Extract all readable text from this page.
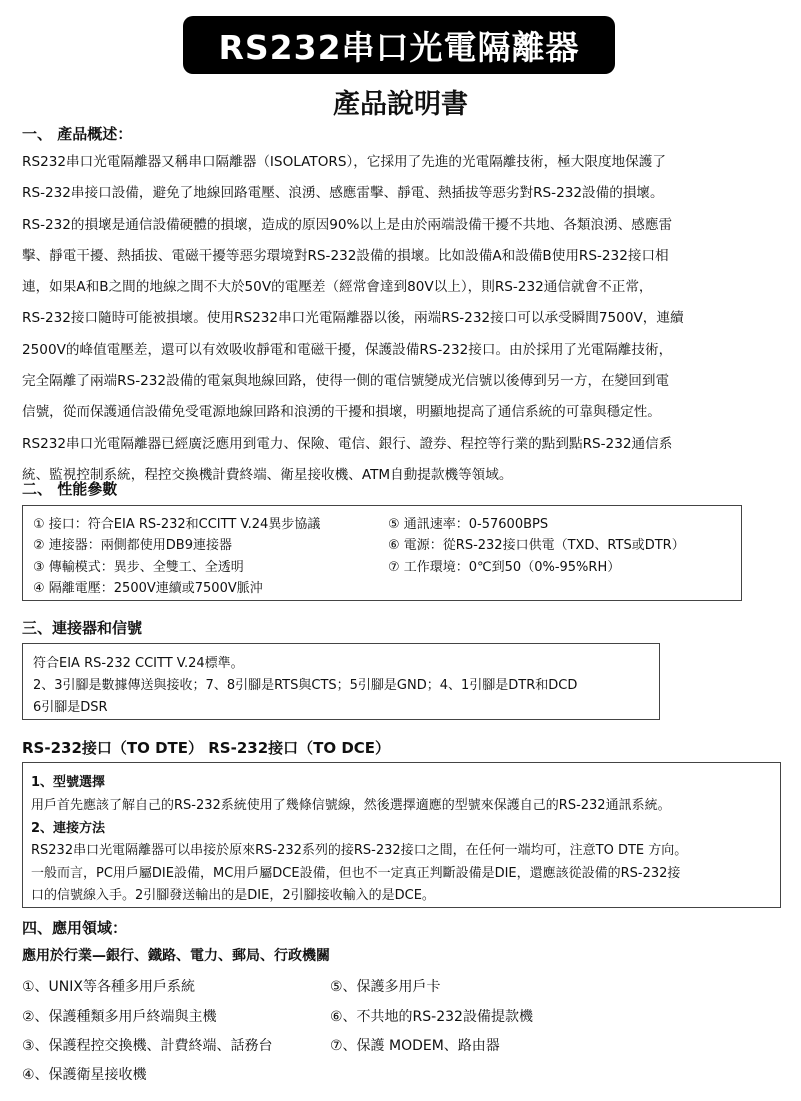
RS232串口光電隔離器
產品說明書
一、 產品概述：

RS232串口光電隔離器又稱串口隔離器（ISOLATORS），它採用了先進的光電隔離技術，極大限度地保護了

RS-232串接口設備，避免了地線回路電壓、浪湧、感應雷擊、靜電、熱插拔等惡劣對RS-232設備的損壞。

RS-232的損壞是通信設備硬體的損壞，造成的原因90%以上是由於兩端設備干擾不共地、各類浪湧、感應雷

擊、靜電干擾、熱插拔、電磁干擾等惡劣環境對RS-232設備的損壞。比如設備A和設備B使用RS-232接口相

連，如果A和B之間的地線之間不大於50V的電壓差（經常會達到80V以上），則RS-232通信就會不正常，

RS-232接口隨時可能被損壞。使用RS232串口光電隔離器以後，兩端RS-232接口可以承受瞬間7500V，連續

2500V的峰值電壓差，還可以有效吸收靜電和電磁干擾，保護設備RS-232接口。由於採用了光電隔離技術，

完全隔離了兩端RS-232設備的電氣與地線回路，使得一側的電信號變成光信號以後傳到另一方，在變回到電

信號，從而保護通信設備免受電源地線回路和浪湧的干擾和損壞，明顯地提高了通信系統的可靠與穩定性。

RS232串口光電隔離器已經廣泛應用到電力、保險、電信、銀行、證券、程控等行業的點到點RS-232通信系

統、監視控制系統，程控交換機計費終端、衛星接收機、ATM自動提款機等領域。

二、 性能參數
① 接口：符合EIA RS-232和CCITT V.24異步協議
② 連接器：兩側都使用DB9連接器
③ 傳輸模式：異步、全雙工、全透明
④ 隔離電壓：2500V連續或7500V脈沖
⑤ 通訊速率：0-57600BPS
⑥ 電源：從RS-232接口供電（TXD、RTS或DTR）
⑦ 工作環境：0℃到50（0%-95%RH）
三、連接器和信號
符合EIA RS-232 CCITT V.24標準。
2、3引腳是數據傳送與接收；7、8引腳是RTS與CTS；5引腳是GND；4、1引腳是DTR和DCD
6引腳是DSR
RS-232接口（TO DTE） RS-232接口（TO DCE）
1、型號選擇
用戶首先應該了解自己的RS-232系統使用了幾條信號線，然後選擇適應的型號來保護自己的RS-232通訊系統。
2、連接方法
RS232串口光電隔離器可以串接於原來RS-232系列的接RS-232接口之間，在任何一端均可，注意TO DTE 方向。
一般而言，PC用戶屬DIE設備，MC用戶屬DCE設備，但也不一定真正判斷設備是DIE，還應該從設備的RS-232接
口的信號線入手。2引腳發送輸出的是DIE，2引腳接收輸入的是DCE。
四、應用領域：
應用於行業—銀行、鐵路、電力、郵局、行政機關
①、UNIX等各種多用戶系統
②、保護種類多用戶終端與主機
③、保護程控交換機、計費終端、話務台
④、保護衛星接收機
⑤、保護多用戶卡
⑥、不共地的RS-232設備提款機
⑦、保護 MODEM、路由器
